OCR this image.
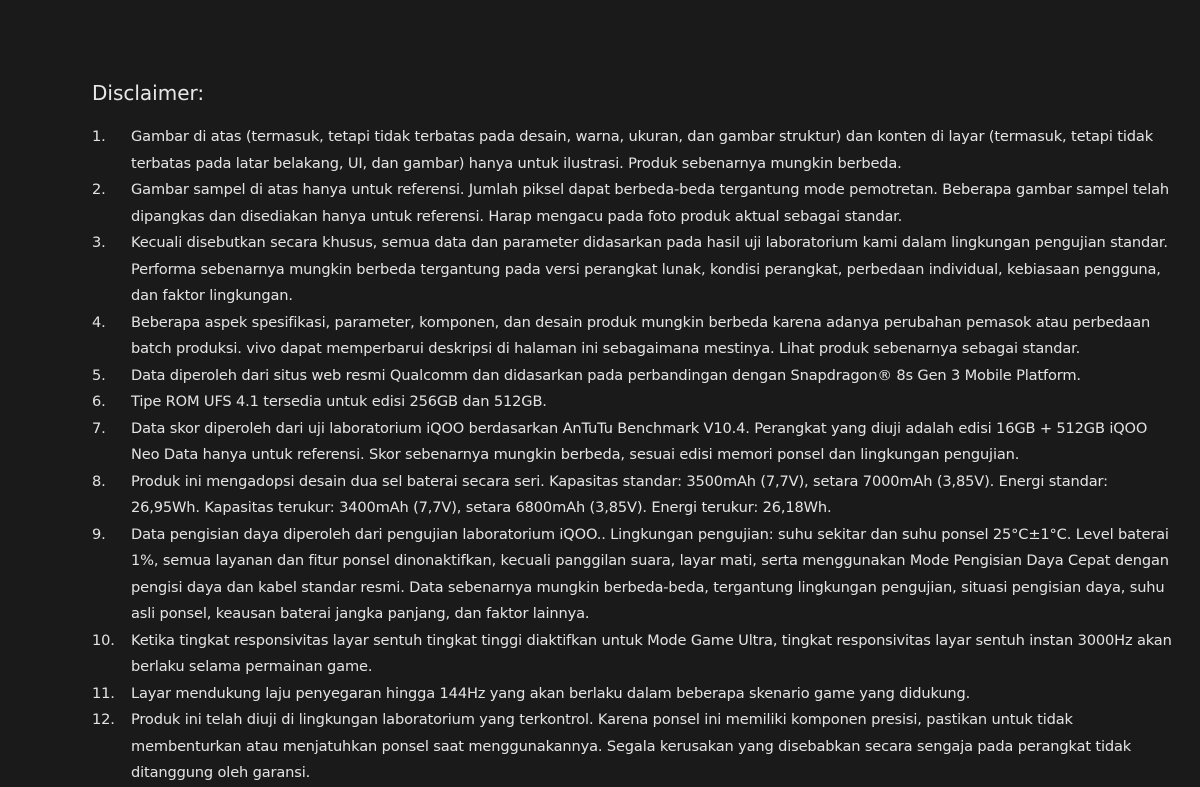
Disclaimer:
1.	Gambar di atas (termasuk, tetapi tidak terbatas pada desain, warna, ukuran, dan gambar struktur) dan konten di layar (termasuk, tetapi tidak terbatas pada latar belakang, UI, dan gambar) hanya untuk ilustrasi. Produk sebenarnya mungkin berbeda.
2.	Gambar sampel di atas hanya untuk referensi. Jumlah piksel dapat berbeda-beda tergantung mode pemotretan. Beberapa gambar sampel telah dipangkas dan disediakan hanya untuk referensi. Harap mengacu pada foto produk aktual sebagai standar.
3.	Kecuali disebutkan secara khusus, semua data dan parameter didasarkan pada hasil uji laboratorium kami dalam lingkungan pengujian standar. Performa sebenarnya mungkin berbeda tergantung pada versi perangkat lunak, kondisi perangkat, perbedaan individual, kebiasaan pengguna, dan faktor lingkungan.
4.	Beberapa aspek spesifikasi, parameter, komponen, dan desain produk mungkin berbeda karena adanya perubahan pemasok atau perbedaan batch produksi. vivo dapat memperbarui deskripsi di halaman ini sebagaimana mestinya. Lihat produk sebenarnya sebagai standar.
5.	Data diperoleh dari situs web resmi Qualcomm dan didasarkan pada perbandingan dengan Snapdragon® 8s Gen 3 Mobile Platform.
6.	Tipe ROM UFS 4.1 tersedia untuk edisi 256GB dan 512GB.
7.	Data skor diperoleh dari uji laboratorium iQOO berdasarkan AnTuTu Benchmark V10.4. Perangkat yang diuji adalah edisi 16GB + 512GB iQOO Neo Data hanya untuk referensi. Skor sebenarnya mungkin berbeda, sesuai edisi memori ponsel dan lingkungan pengujian.
8.	Produk ini mengadopsi desain dua sel baterai secara seri. Kapasitas standar: 3500mAh (7,7V), setara 7000mAh (3,85V). Energi standar: 26,95Wh. Kapasitas terukur: 3400mAh (7,7V), setara 6800mAh (3,85V). Energi terukur: 26,18Wh.
9.	Data pengisian daya diperoleh dari pengujian laboratorium iQOO.. Lingkungan pengujian: suhu sekitar dan suhu ponsel 25°C±1°C. Level baterai 1%, semua layanan dan fitur ponsel dinonaktifkan, kecuali panggilan suara, layar mati, serta menggunakan Mode Pengisian Daya Cepat dengan pengisi daya dan kabel standar resmi. Data sebenarnya mungkin berbeda-beda, tergantung lingkungan pengujian, situasi pengisian daya, suhu asli ponsel, keausan baterai jangka panjang, dan faktor lainnya.
10.	Ketika tingkat responsivitas layar sentuh tingkat tinggi diaktifkan untuk Mode Game Ultra, tingkat responsivitas layar sentuh instan 3000Hz akan berlaku selama permainan game.
11.	Layar mendukung laju penyegaran hingga 144Hz yang akan berlaku dalam beberapa skenario game yang didukung.
12.	Produk ini telah diuji di lingkungan laboratorium yang terkontrol. Karena ponsel ini memiliki komponen presisi, pastikan untuk tidak membenturkan atau menjatuhkan ponsel saat menggunakannya. Segala kerusakan yang disebabkan secara sengaja pada perangkat tidak ditanggung oleh garansi.
